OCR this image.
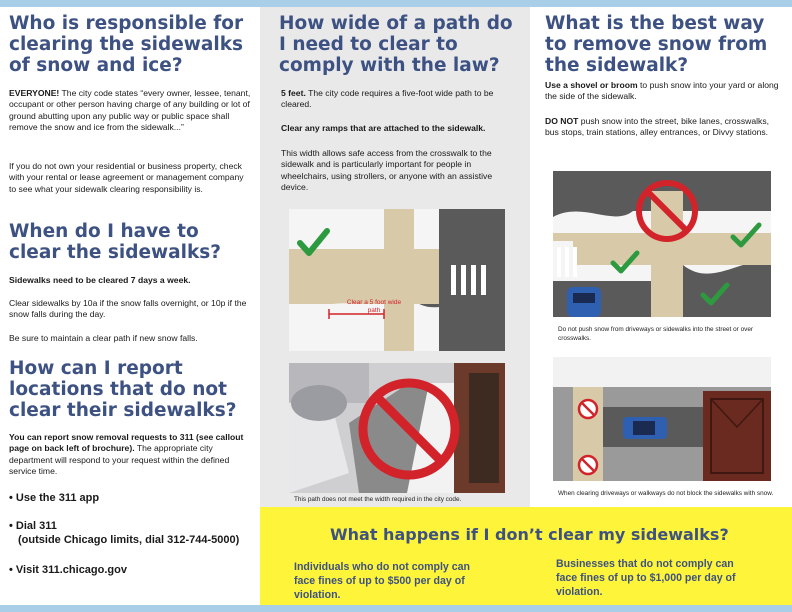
Who is responsible for clearing the sidewalks of snow and ice?

EVERYONE! The city code states “every owner, lessee, tenant, occupant or other person having charge of any building or lot of ground abutting upon any public way or public space shall remove the snow and ice from the sidewalk...”

If you do not own your residential or business property, check with your rental or lease agreement or management company to see what your sidewalk clearing responsibility is.

When do I have to clear the sidewalks?

Sidewalks need to be cleared 7 days a week.

Clear sidewalks by 10a if the snow falls overnight, or 10p if the snow falls during the day.

Be sure to maintain a clear path if new snow falls.

How can I report locations that do not clear their sidewalks?

You can report snow removal requests to 311 (see callout page on back left of brochure). The appropriate city department will respond to your request within the defined service time.

• Use the 311 app
• Dial 311
(outside Chicago limits, dial 312-744-5000)
• Visit 311.chicago.gov
How wide of a path do I need to clear to comply with the law?

5 feet. The city code requires a five-foot wide path to be cleared.

Clear any ramps that are attached to the sidewalk.

This width allows safe access from the crosswalk to the sidewalk and is particularly important for people in wheelchairs, using strollers, or anyone with an assistive device.

Clear a 5 foot wide path
This path does not meet the width required in the city code.
What is the best way to remove snow from the sidewalk?

Use a shovel or broom to push snow into your yard or along the side of the sidewalk.

DO NOT push snow into the street, bike lanes, crosswalks, bus stops, train stations, alley entrances, or Divvy stations.

Do not push snow from driveways or sidewalks into the street or over crosswalks.
When clearing driveways or walkways do not block the sidewalks with snow.
What happens if I don’t clear my sidewalks?
Individuals who do not comply can face fines of up to $500 per day of violation.
Businesses that do not comply can face fines of up to $1,000 per day of violation.
